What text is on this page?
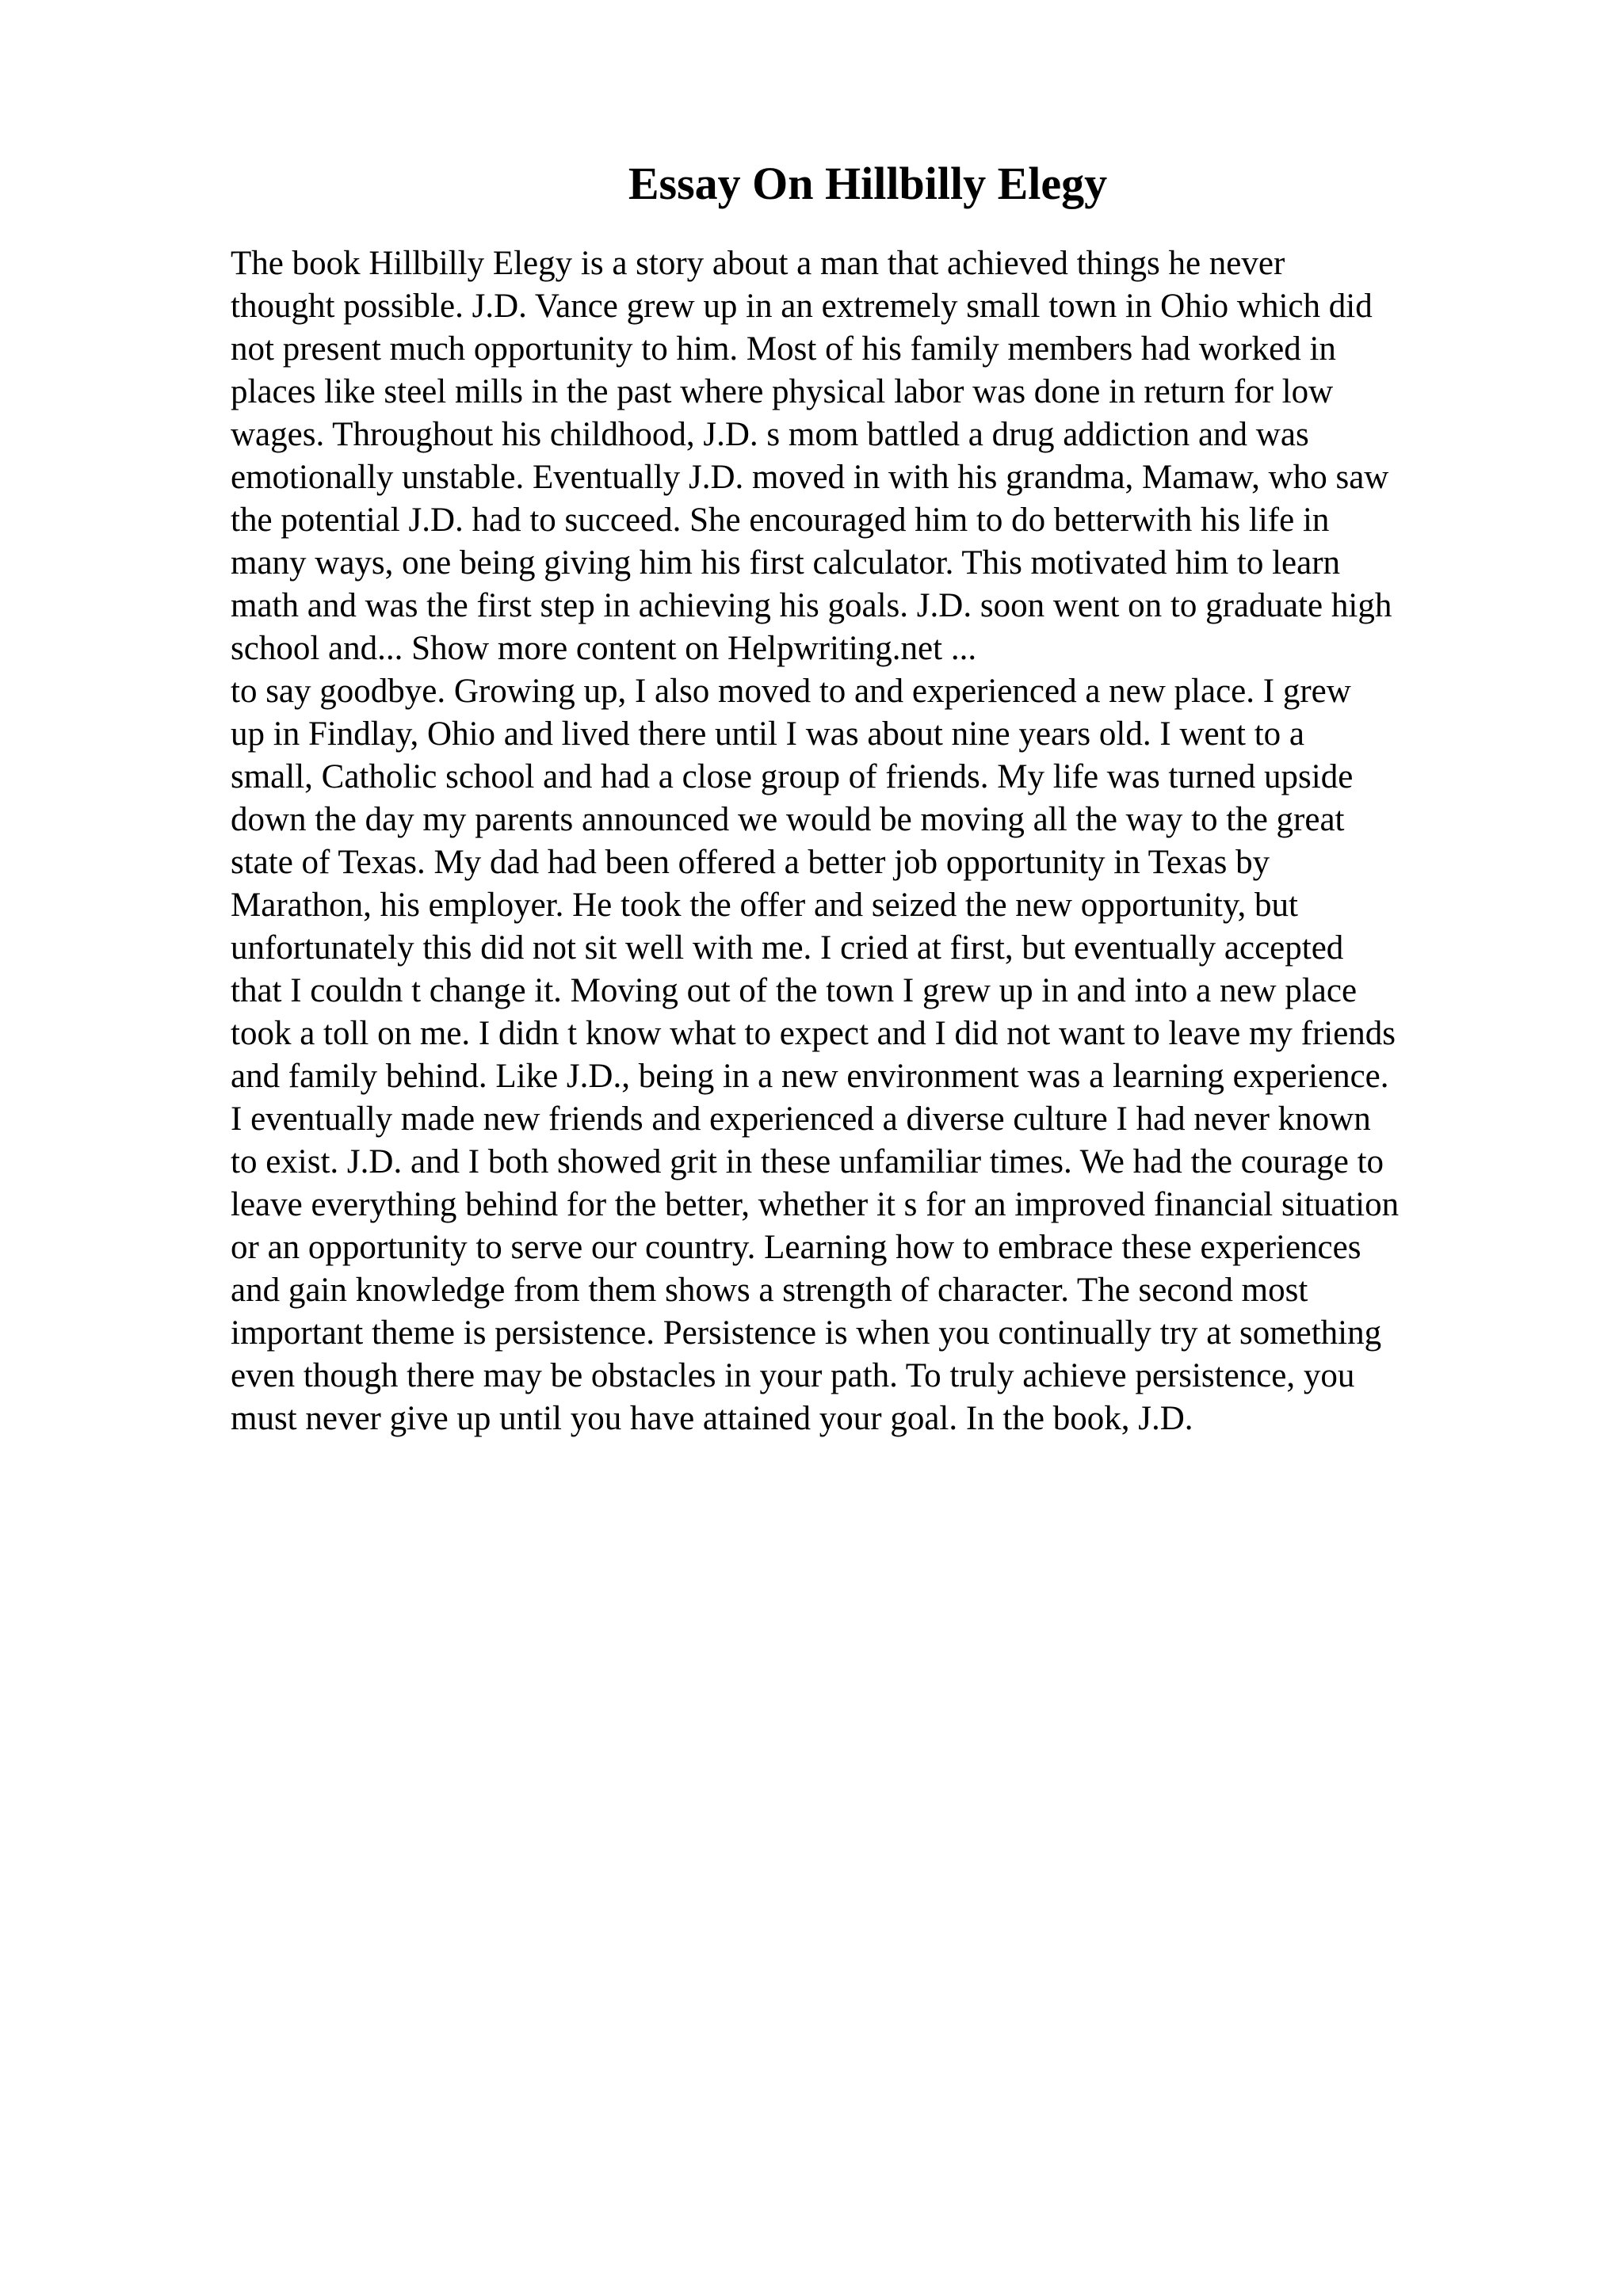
Essay On Hillbilly Elegy
The book Hillbilly Elegy is a story about a man that achieved things he never
thought possible. J.D. Vance grew up in an extremely small town in Ohio which did
not present much opportunity to him. Most of his family members had worked in
places like steel mills in the past where physical labor was done in return for low
wages. Throughout his childhood, J.D. s mom battled a drug addiction and was
emotionally unstable. Eventually J.D. moved in with his grandma, Mamaw, who saw
the potential J.D. had to succeed. She encouraged him to do betterwith his life in
many ways, one being giving him his first calculator. This motivated him to learn
math and was the first step in achieving his goals. J.D. soon went on to graduate high
school and... Show more content on Helpwriting.net ...
to say goodbye. Growing up, I also moved to and experienced a new place. I grew
up in Findlay, Ohio and lived there until I was about nine years old. I went to a
small, Catholic school and had a close group of friends. My life was turned upside
down the day my parents announced we would be moving all the way to the great
state of Texas. My dad had been offered a better job opportunity in Texas by
Marathon, his employer. He took the offer and seized the new opportunity, but
unfortunately this did not sit well with me. I cried at first, but eventually accepted
that I couldn t change it. Moving out of the town I grew up in and into a new place
took a toll on me. I didn t know what to expect and I did not want to leave my friends
and family behind. Like J.D., being in a new environment was a learning experience.
I eventually made new friends and experienced a diverse culture I had never known
to exist. J.D. and I both showed grit in these unfamiliar times. We had the courage to
leave everything behind for the better, whether it s for an improved financial situation
or an opportunity to serve our country. Learning how to embrace these experiences
and gain knowledge from them shows a strength of character. The second most
important theme is persistence. Persistence is when you continually try at something
even though there may be obstacles in your path. To truly achieve persistence, you
must never give up until you have attained your goal. In the book, J.D.
